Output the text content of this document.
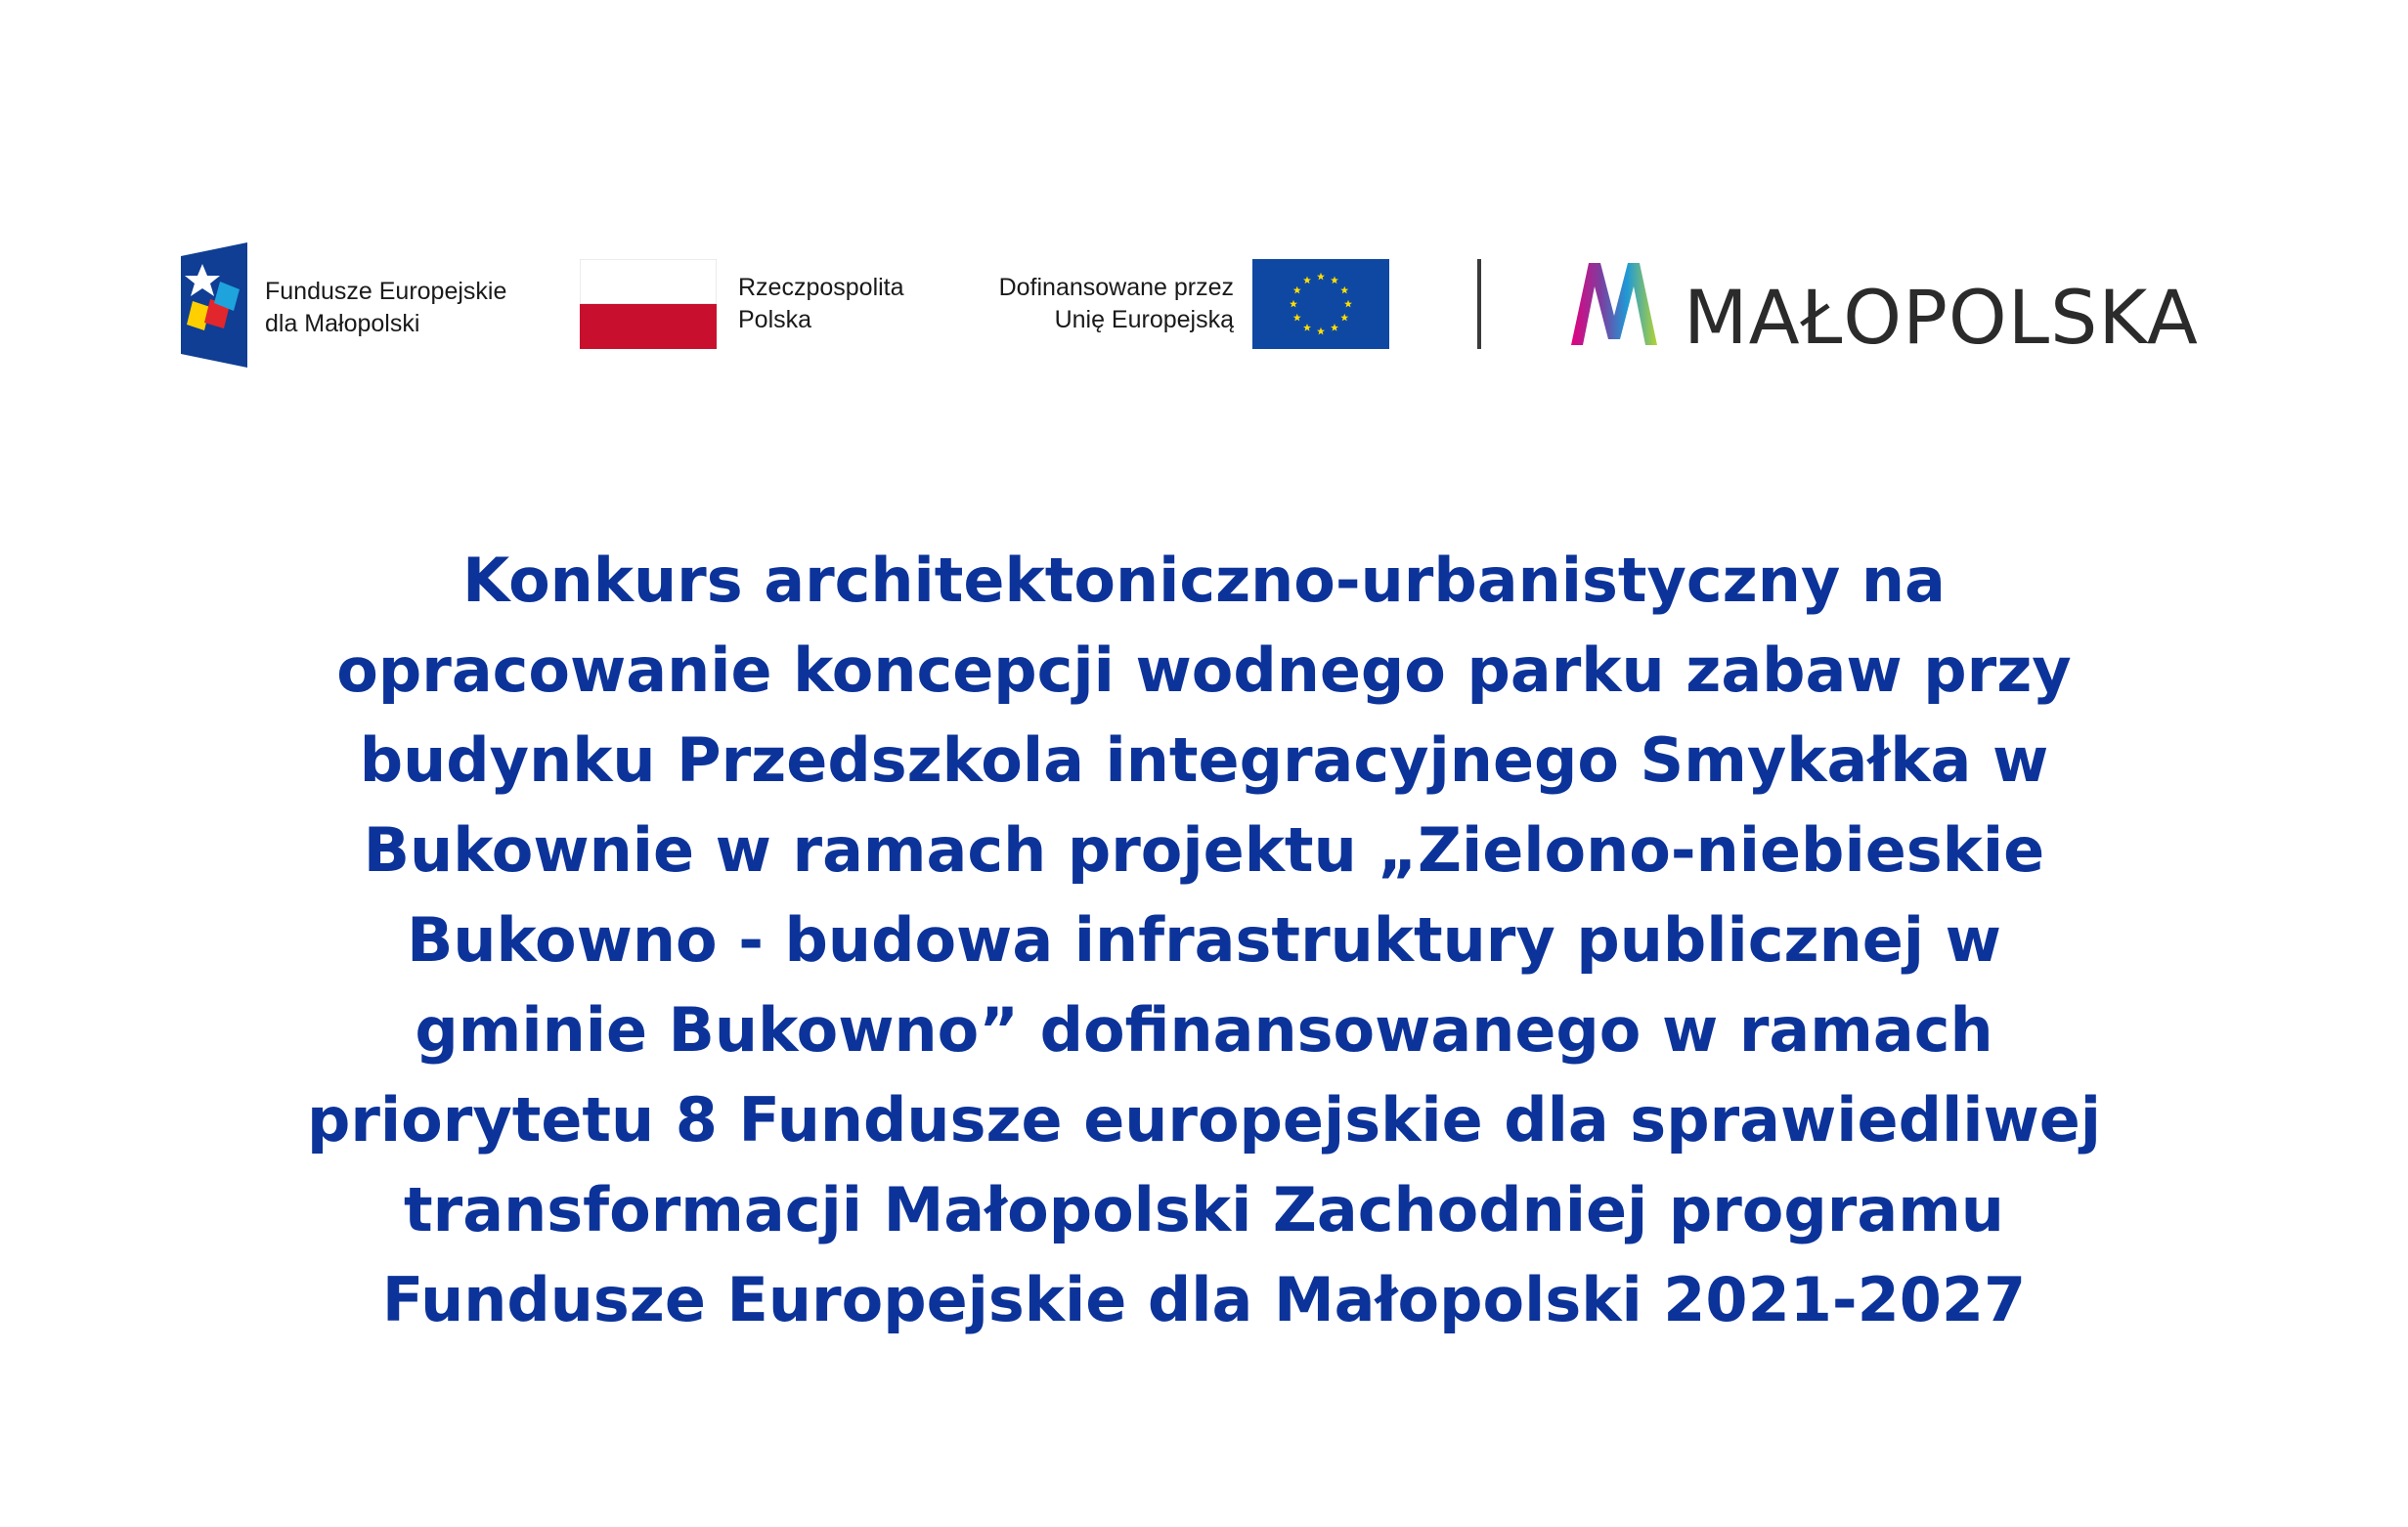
Fundusze Europejskie
dla Małopolski
Rzeczpospolita
Polska
Dofinansowane przez
Unię Europejską	MAŁOPOLSKA
Konkurs architektoniczno-urbanistyczny na
opracowanie koncepcji wodnego parku zabaw przy
budynku Przedszkola integracyjnego Smykałka w
Bukownie w ramach projektu „Zielono-niebieskie
Bukowno - budowa infrastruktury publicznej w
gminie Bukowno” dofinansowanego w ramach
priorytetu 8 Fundusze europejskie dla sprawiedliwej
transformacji Małopolski Zachodniej programu
Fundusze Europejskie dla Małopolski 2021-2027
